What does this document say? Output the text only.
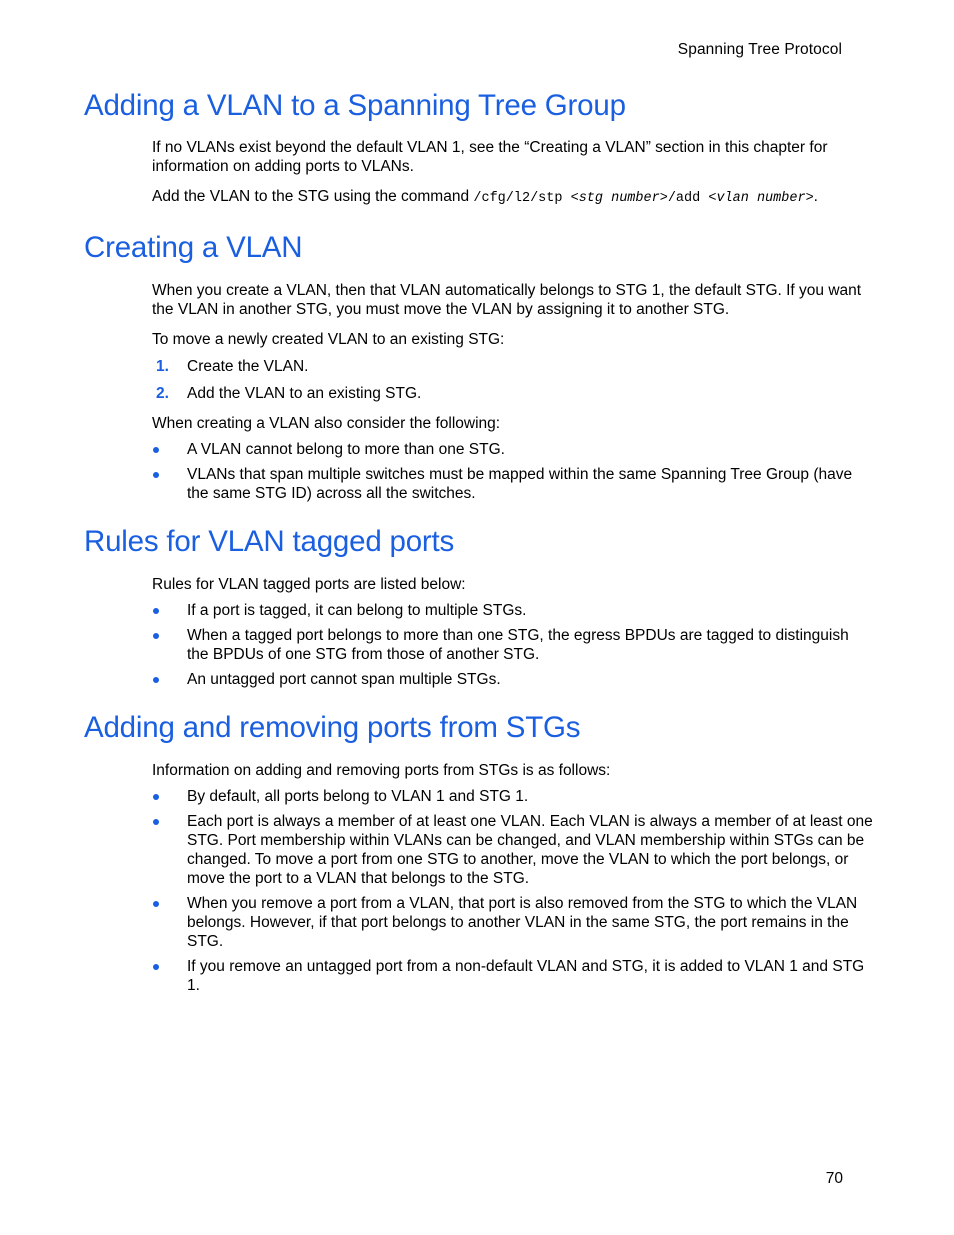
Spanning Tree Protocol
Adding a VLAN to a Spanning Tree Group

If no VLANs exist beyond the default VLAN 1, see the “Creating a VLAN” section in this chapter for information on adding ports to VLANs.

Add the VLAN to the STG using the command /cfg/l2/stp <stg number>/add <vlan number>.

Creating a VLAN

When you create a VLAN, then that VLAN automatically belongs to STG 1, the default STG. If you want the VLAN in another STG, you must move the VLAN by assigning it to another STG.

To move a newly created VLAN to an existing STG:

1. Create the VLAN.
2. Add the VLAN to an existing STG.

When creating a VLAN also consider the following:

A VLAN cannot belong to more than one STG.
VLANs that span multiple switches must be mapped within the same Spanning Tree Group (have the same STG ID) across all the switches.
Rules for VLAN tagged ports

Rules for VLAN tagged ports are listed below:

If a port is tagged, it can belong to multiple STGs.
When a tagged port belongs to more than one STG, the egress BPDUs are tagged to distinguish the BPDUs of one STG from those of another STG.
An untagged port cannot span multiple STGs.
Adding and removing ports from STGs

Information on adding and removing ports from STGs is as follows:

By default, all ports belong to VLAN 1 and STG 1.
Each port is always a member of at least one VLAN. Each VLAN is always a member of at least one STG. Port membership within VLANs can be changed, and VLAN membership within STGs can be changed. To move a port from one STG to another, move the VLAN to which the port belongs, or move the port to a VLAN that belongs to the STG.
When you remove a port from a VLAN, that port is also removed from the STG to which the VLAN belongs. However, if that port belongs to another VLAN in the same STG, the port remains in the STG.
If you remove an untagged port from a non-default VLAN and STG, it is added to VLAN 1 and STG 1.
70
